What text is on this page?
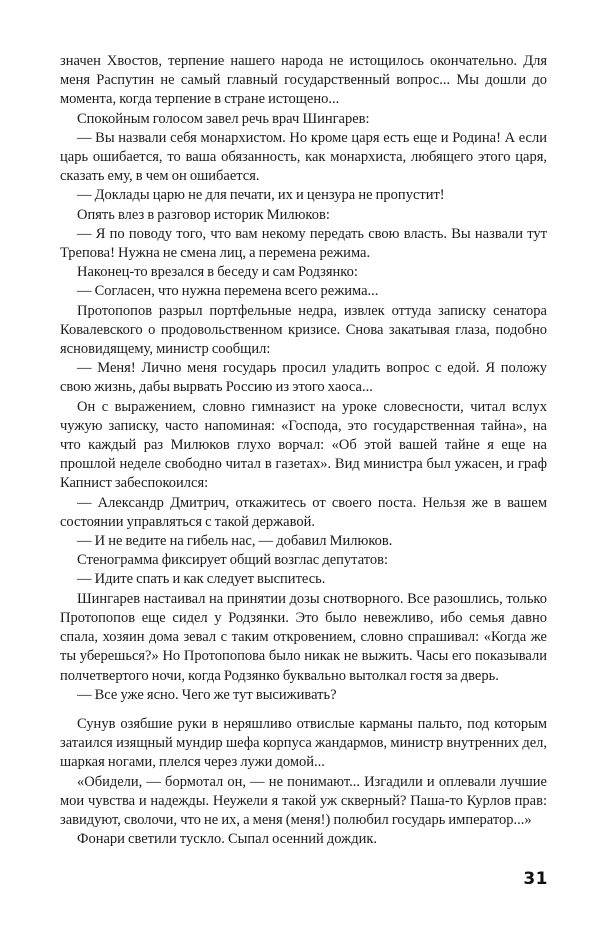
значен Хвостов, терпение нашего народа не истощилось окончательно. Для меня Распутин не самый главный государственный вопрос... Мы дошли до момента, когда терпение в стране истощено...

Спокойным голосом завел речь врач Шингарев:

— Вы назвали себя монархистом. Но кроме царя есть еще и Родина! А если царь ошибается, то ваша обязанность, как монархиста, любящего этого царя, сказать ему, в чем он ошибается.

— Доклады царю не для печати, их и цензура не пропустит!

Опять влез в разговор историк Милюков:

— Я по поводу того, что вам некому передать свою власть. Вы назвали тут Трепова! Нужна не смена лиц, а перемена режима.

Наконец-то врезался в беседу и сам Родзянко:

— Согласен, что нужна перемена всего режима...

Протопопов разрыл портфельные недра, извлек оттуда записку сенатора Ковалевского о продовольственном кризисе. Снова закатывая глаза, подобно ясновидящему, министр сообщил:

— Меня! Лично меня государь просил уладить вопрос с едой. Я положу свою жизнь, дабы вырвать Россию из этого хаоса...

Он с выражением, словно гимназист на уроке словесности, читал вслух чужую записку, часто напоминая: «Господа, это государственная тайна», на что каждый раз Милюков глухо ворчал: «Об этой вашей тайне я еще на прошлой неделе свободно читал в газетах». Вид министра был ужасен, и граф Капнист забеспокоился:

— Александр Дмитрич, откажитесь от своего поста. Нельзя же в вашем состоянии управляться с такой державой.

— И не ведите на гибель нас, — добавил Милюков.

Стенограмма фиксирует общий возглас депутатов:

— Идите спать и как следует выспитесь.

Шингарев настаивал на принятии дозы снотворного. Все разошлись, только Протопопов еще сидел у Родзянки. Это было невежливо, ибо семья давно спала, хозяин дома зевал с таким откровением, словно спрашивал: «Когда же ты уберешься?» Но Протопопова было никак не выжить. Часы его показывали полчетвертого ночи, когда Родзянко буквально вытолкал гостя за дверь.

— Все уже ясно. Чего же тут высиживать?

Сунув озябшие руки в неряшливо отвислые карманы пальто, под которым затаился изящный мундир шефа корпуса жандармов, министр внутренних дел, шаркая ногами, плелся через лужи домой...

«Обидели, — бормотал он, — не понимают... Изгадили и оплевали лучшие мои чувства и надежды. Неужели я такой уж скверный? Паша-то Курлов прав: завидуют, сволочи, что не их, а меня (меня!) полюбил государь император...»

Фонари светили тускло. Сыпал осенний дождик.

31
